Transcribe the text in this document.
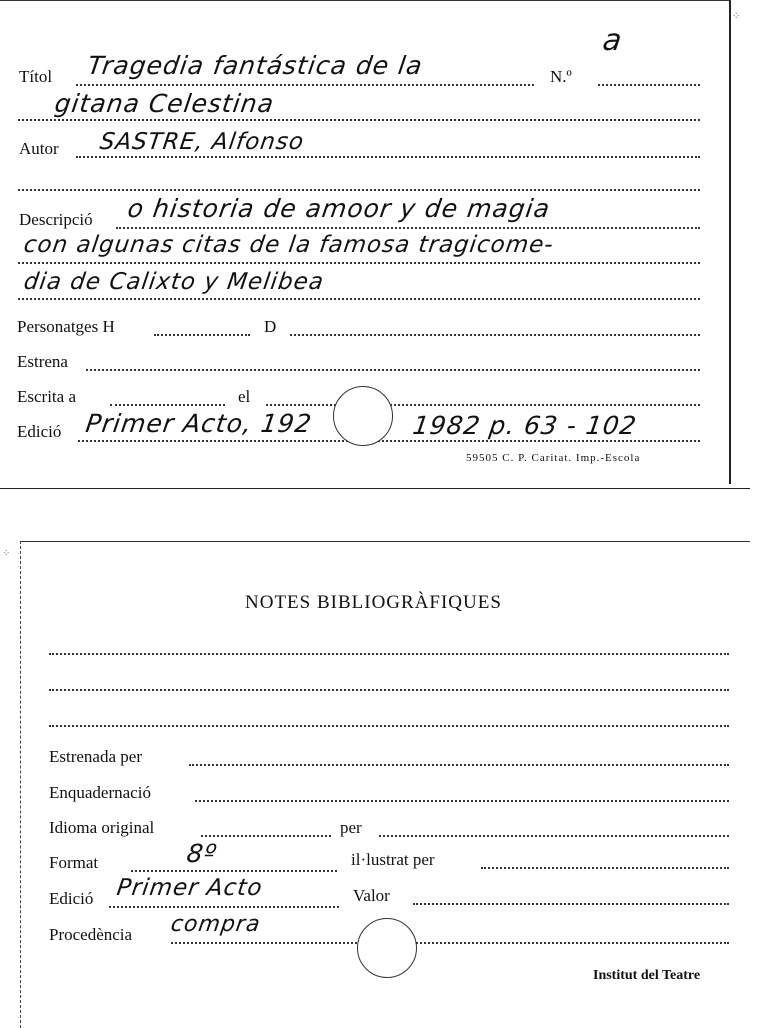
a
Títol Tragedia fantástica de la	N.º
gitana Celestina
Autor SASTRE, Alfonso
Descripció o historia de amoor y de magia
con algunas citas de la famosa tragicome-
dia de Calixto y Melibea
Personatges H	D
Estrena
Escrita a	el
Edició Primer Acto, 192	1982 p. 63 - 102
59505 C. P. Caritat. Imp.-Escola
⁘
NOTES BIBLIOGRÀFIQUES
Estrenada per
Enquadernació
Idioma original	per
Format	8º	il·lustrat per
Edició Primer Acto	Valor
Procedència compra
Institut del Teatre
⁘
